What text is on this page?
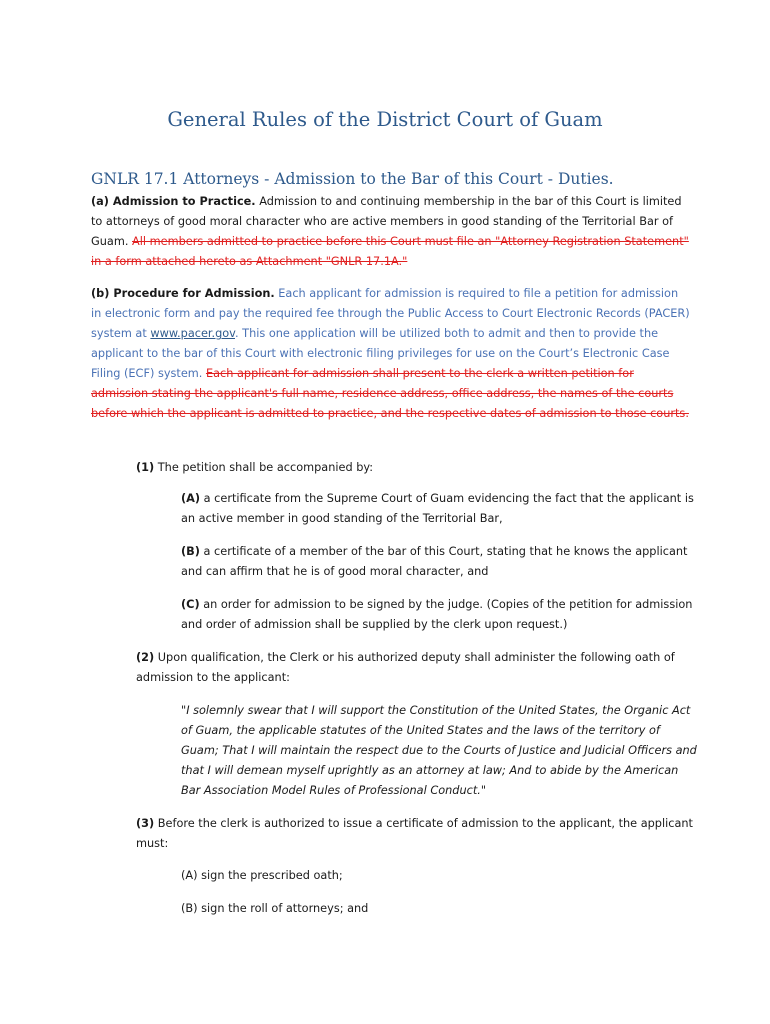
General Rules of the District Court of Guam
GNLR 17.1 Attorneys - Admission to the Bar of this Court - Duties.

(a) Admission to Practice. Admission to and continuing membership in the bar of this Court is limited to attorneys of good moral character who are active members in good standing of the Territorial Bar of Guam. All members admitted to practice before this Court must file an "Attorney Registration Statement" in a form attached hereto as Attachment "GNLR 17.1A."

(b) Procedure for Admission. Each applicant for admission is required to file a petition for admission in electronic form and pay the required fee through the Public Access to Court Electronic Records (PACER) system at www.pacer.gov. This one application will be utilized both to admit and then to provide the applicant to the bar of this Court with electronic filing privileges for use on the Court’s Electronic Case Filing (ECF) system. Each applicant for admission shall present to the clerk a written petition for admission stating the applicant's full name, residence address, office address, the names of the courts before which the applicant is admitted to practice, and the respective dates of admission to those courts.

(1) The petition shall be accompanied by:

(A) a certificate from the Supreme Court of Guam evidencing the fact that the applicant is an active member in good standing of the Territorial Bar,

(B) a certificate of a member of the bar of this Court, stating that he knows the applicant and can affirm that he is of good moral character, and

(C) an order for admission to be signed by the judge. (Copies of the petition for admission and order of admission shall be supplied by the clerk upon request.)

(2) Upon qualification, the Clerk or his authorized deputy shall administer the following oath of admission to the applicant:

"I solemnly swear that I will support the Constitution of the United States, the Organic Act of Guam, the applicable statutes of the United States and the laws of the territory of Guam; That I will maintain the respect due to the Courts of Justice and Judicial Officers and that I will demean myself uprightly as an attorney at law; And to abide by the American Bar Association Model Rules of Professional Conduct."

(3) Before the clerk is authorized to issue a certificate of admission to the applicant, the applicant must:

(A) sign the prescribed oath;

(B) sign the roll of attorneys; and
